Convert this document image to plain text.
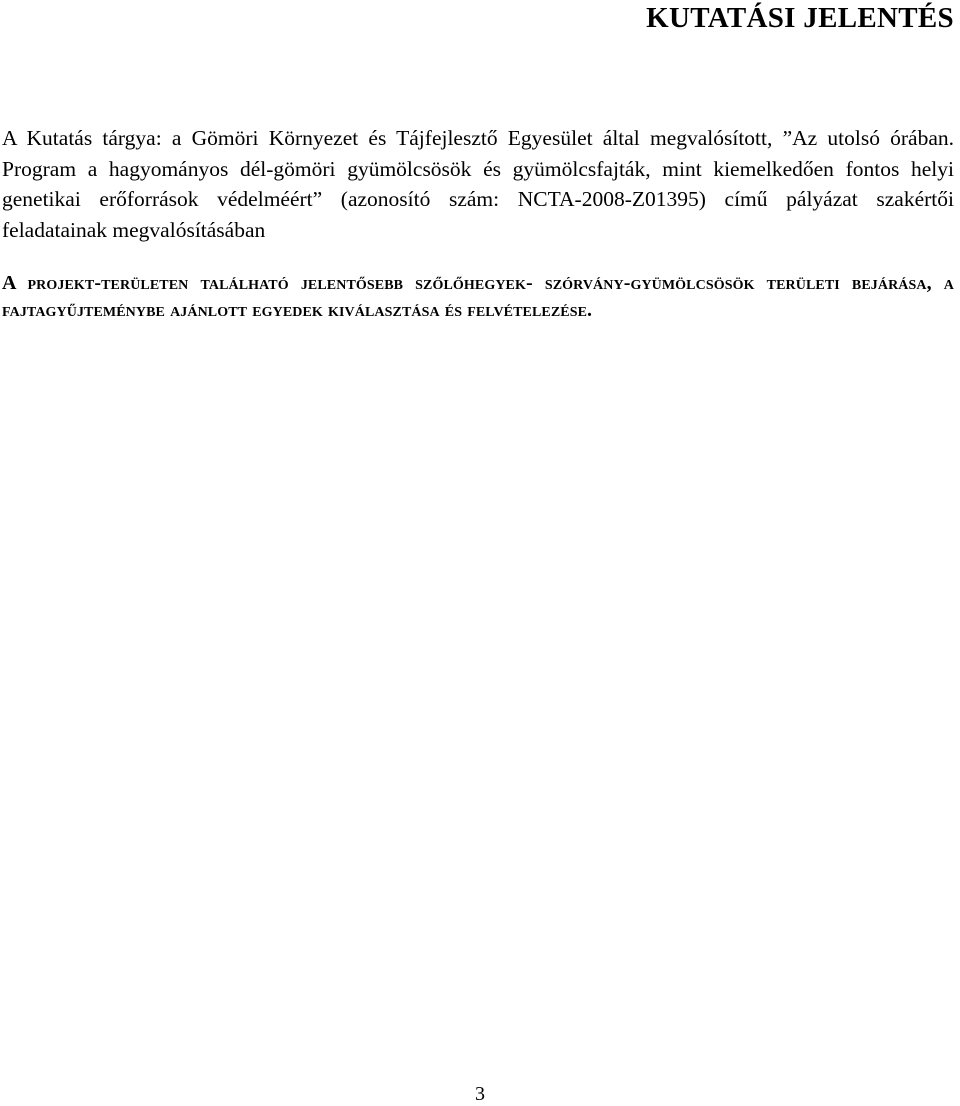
KUTATÁSI JELENTÉS

A Kutatás tárgya: a Gömöri Környezet és Tájfejlesztő Egyesület által megvalósított, ”Az utolsó órában. Program a hagyományos dél-gömöri gyümölcsösök és gyümölcsfajták, mint kiemelkedően fontos helyi genetikai erőforrások védelméért” (azonosító szám: NCTA-2008-Z01395) című pályázat szakértői feladatainak megvalósításában

A projekt-területen található jelentősebb szőlőhegyek- szórvány-gyümölcsösök területi bejárása, a fajtagyűjteménybe ajánlott egyedek kiválasztása és felvételezése.

3
